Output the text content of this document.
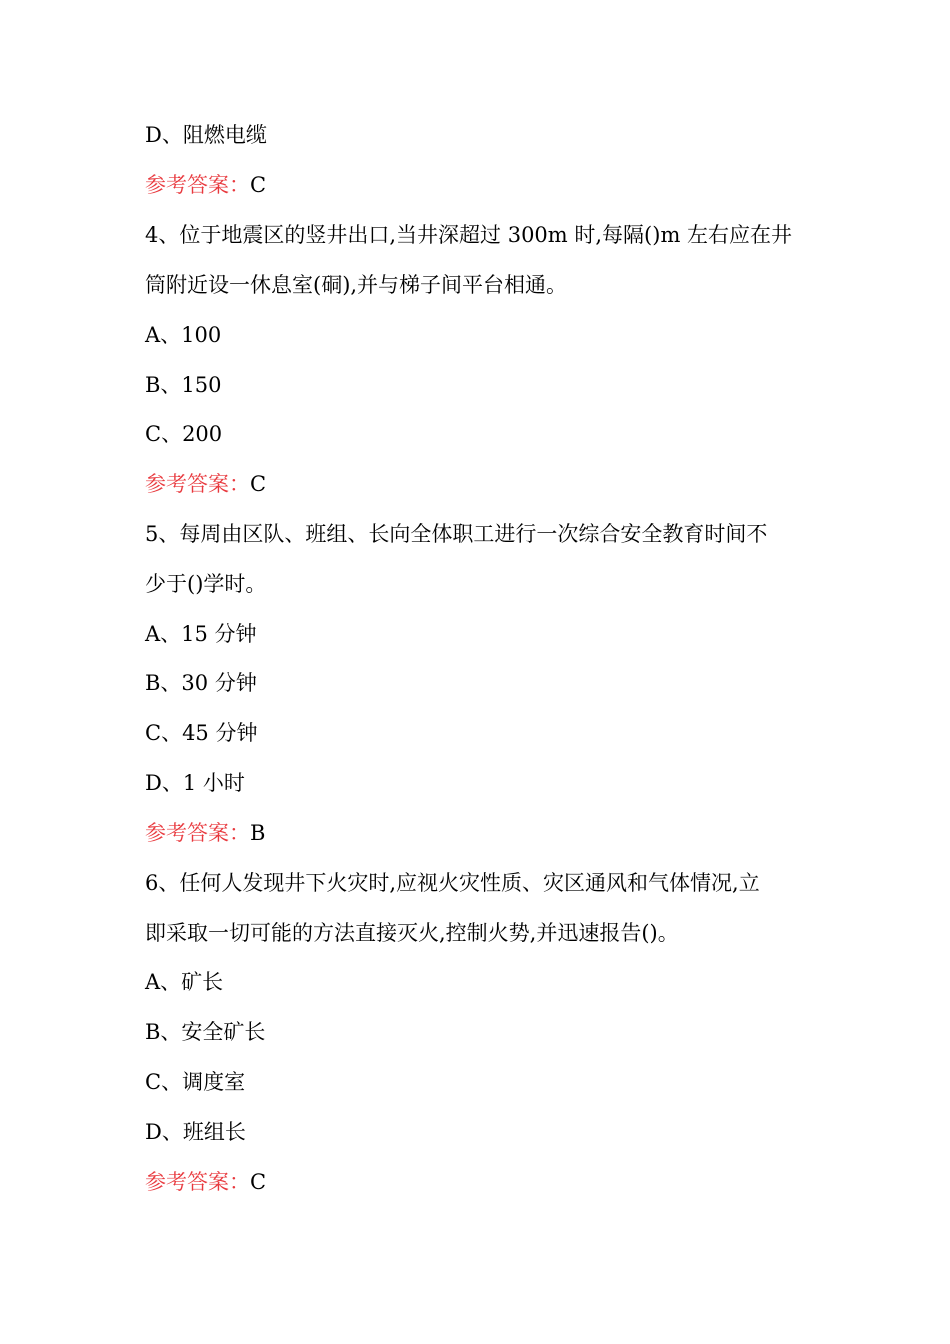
D、阻燃电缆
参考答案：C
4、位于地震区的竖井出口,当井深超过 300m 时,每隔()m 左右应在井
筒附近设一休息室(硐),并与梯子间平台相通。
A、100
B、150
C、200
参考答案：C
5、每周由区队、班组、长向全体职工进行一次综合安全教育时间不
少于()学时。
A、15 分钟
B、30 分钟
C、45 分钟
D、1 小时
参考答案：B
6、任何人发现井下火灾时,应视火灾性质、灾区通风和气体情况,立
即采取一切可能的方法直接灭火,控制火势,并迅速报告()。
A、矿长
B、安全矿长
C、调度室
D、班组长
参考答案：C
